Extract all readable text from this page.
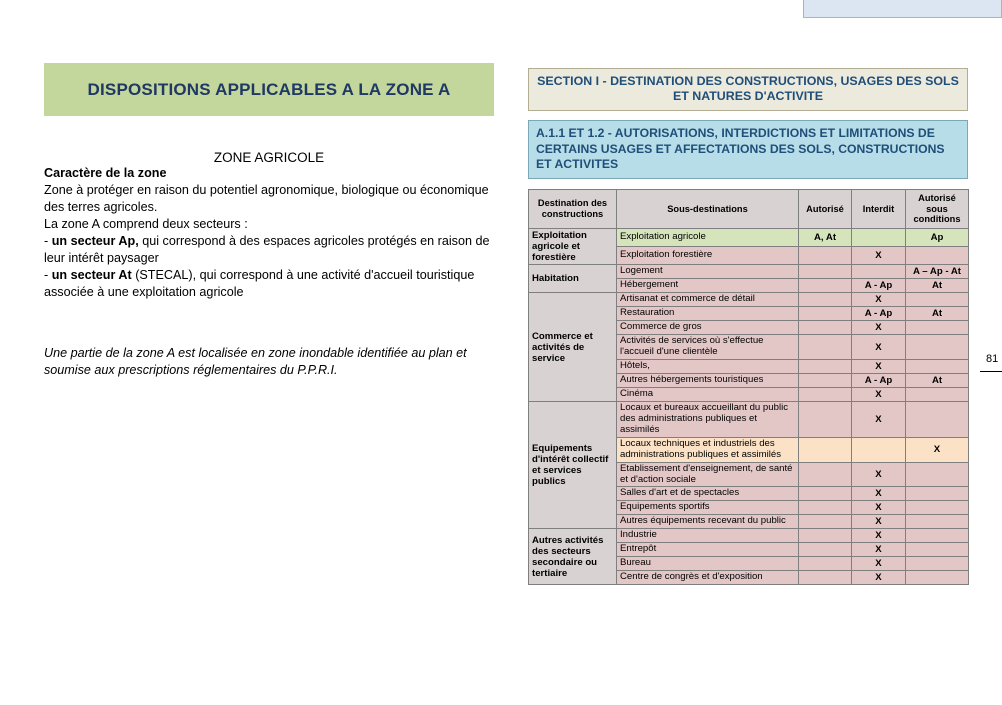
DISPOSITIONS APPLICABLES A LA ZONE A
ZONE AGRICOLE

Caractère de la zone

Zone à protéger en raison du potentiel agronomique, biologique ou économique des terres agricoles.

La zone A comprend deux secteurs :

- un secteur Ap, qui correspond à des espaces agricoles protégés en raison de leur intérêt paysager

- un secteur At (STECAL), qui correspond à une activité d'accueil touristique associée à une exploitation agricole

Une partie de la zone A est localisée en zone inondable identifiée au plan et soumise aux prescriptions réglementaires du P.P.R.I.

SECTION I - DESTINATION DES CONSTRUCTIONS, USAGES DES SOLS ET NATURES D'ACTIVITE
A.1.1 ET 1.2 - AUTORISATIONS, INTERDICTIONS ET LIMITATIONS DE CERTAINS USAGES ET AFFECTATIONS DES SOLS, CONSTRUCTIONS ET ACTIVITES
Destination des constructions	Sous-destinations	Autorisé	Interdit	Autorisé sous conditions
Exploitation agricole et forestière	Exploitation agricole	A, At		Ap
	Exploitation forestière		X	
Habitation	Logement			A – Ap - At
	Hébergement		A - Ap	At
Commerce et activités de service	Artisanat et commerce de détail		X	
	Restauration		A - Ap	At
	Commerce de gros		X	
	Activités de services où s'effectue l'accueil d'une clientèle		X	
	Hôtels,		X	
	Autres hébergements touristiques		A - Ap	At
	Cinéma		X	
Equipements d'intérêt collectif et services publics	Locaux et bureaux accueillant du public des administrations publiques et assimilés		X	
	Locaux techniques et industriels des administrations publiques et assimilés			X
	Etablissement d'enseignement, de santé et d'action sociale		X	
	Salles d'art et de spectacles		X	
	Equipements sportifs		X	
	Autres équipements recevant du public		X	
Autres activités des secteurs secondaire ou tertiaire	Industrie		X	
	Entrepôt		X	
	Bureau		X	
	Centre de congrès et d'exposition		X	
81
